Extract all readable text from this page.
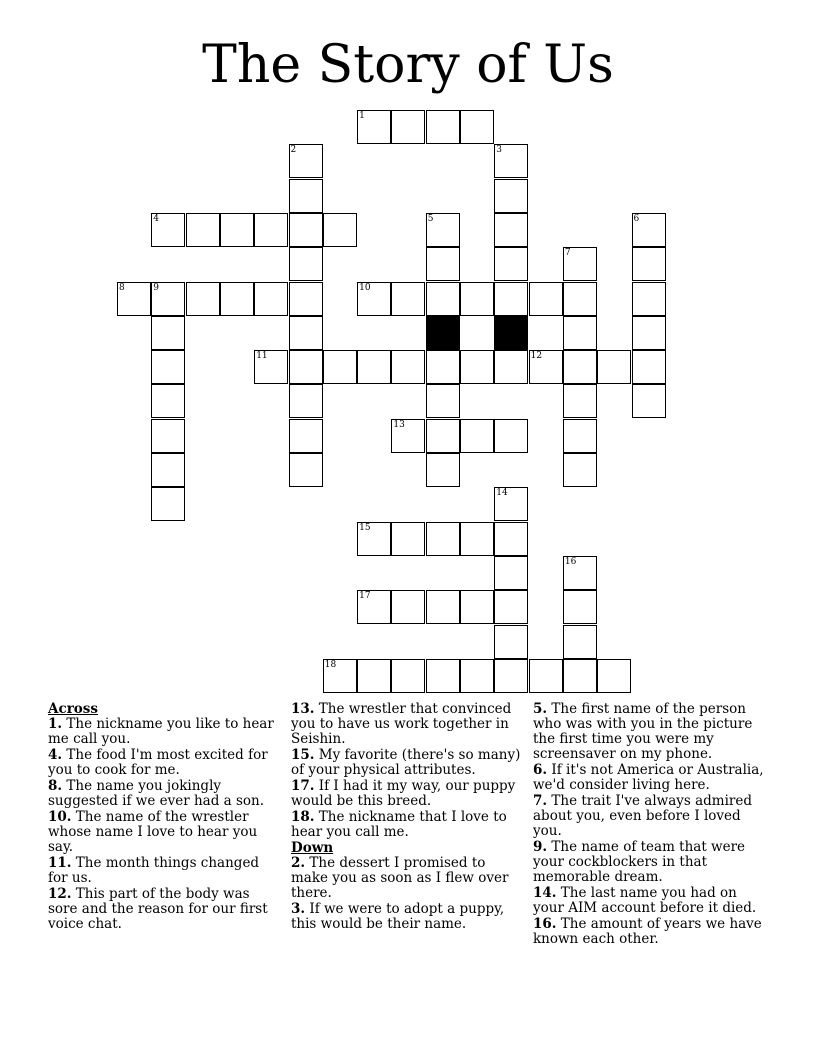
The Story of Us
1
2	3
4	5	6
7
8	9	10
11	12
13
14
15
16
17
18
Across
1. The nickname you like to hear me call you.
4. The food I'm most excited for you to cook for me.
8. The name you jokingly suggested if we ever had a son.
10. The name of the wrestler whose name I love to hear you say.
11. The month things changed for us.
12. This part of the body was sore and the reason for our first voice chat.
13. The wrestler that convinced you to have us work together in Seishin.
15. My favorite (there's so many) of your physical attributes.
17. If I had it my way, our puppy would be this breed.
18. The nickname that I love to hear you call me.
Down
2. The dessert I promised to make you as soon as I flew over there.
3. If we were to adopt a puppy, this would be their name.
5. The first name of the person who was with you in the picture the first time you were my screensaver on my phone.
6. If it's not America or Australia, we'd consider living here.
7. The trait I've always admired about you, even before I loved you.
9. The name of team that were your cockblockers in that memorable dream.
14. The last name you had on your AIM account before it died.
16. The amount of years we have known each other.
